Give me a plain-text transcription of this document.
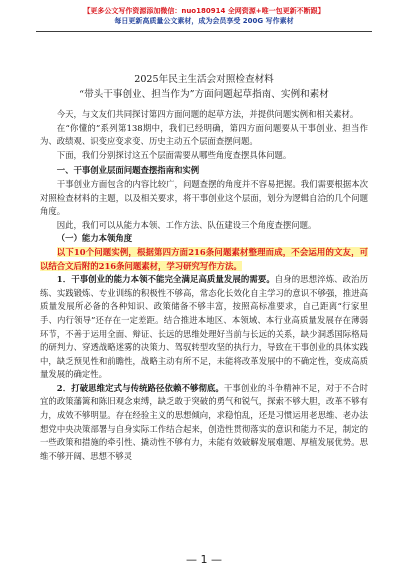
【更多公文写作资源添加微信：nuo180914 全网资源+唯一包更新不断跟】
每日更新高质量公文素材，成为会员享受 200G 写作素材
2025年民主生活会对照检查材料
“带头干事创业、担当作为”方面问题起草指南、实例和素材

今天，与文友们共同探讨第四方面问题的起草方法，并提供问题实例和相关素材。

在“你懂的”系列第138期中，我们已经明确，第四方面问题要从干事创业、担当作为、政绩观、识变应变求变、历史主动五个层面查摆问题。

下面，我们分别探讨这五个层面需要从哪些角度查摆具体问题。

一、干事创业层面问题查摆指南和实例

干事创业方面包含的内容比较广，问题查摆的角度并不容易把握。我们需要根据本次对照检查材料的主题，以及相关要求，将干事创业这个层面，划分为逻辑自洽的几个问题角度。

因此，我们可以从能力本领、工作方法、队伍建设三个角度查摆问题。

（一）能力本领角度

以下10个问题实例，根据第四方面216条问题素材整理而成，不会运用的文友，可以结合文后附的216条问题素材，学习研究写作方法。

1．干事创业的能力本领不能完全满足高质量发展的需要。自身的思想淬炼、政治历练、实践锻炼、专业训练的积极性不够高，常态化长效化自主学习的意识不够强，推进高质量发展所必备的各种知识、政策储备不够丰富，按照高标准要求，自己距离“行家里手、内行领导”还存在一定差距。结合推进本地区、本领域、本行业高质量发展存在薄弱环节，不善于运用全面、辩证、长远的思维处理好当前与长远的关系，缺少洞悉国际格局的研判力、穿透战略迷雾的决策力、驾驭转型攻坚的执行力，导致在干事创业的具体实践中，缺乏预见性和前瞻性，战略主动有所不足，未能将改革发展中的不确定性，变成高质量发展的确定性。

2．打破思维定式与传统路径依赖不够彻底。干事创业的斗争精神不足，对于不合时宜的政策藩篱和陈旧观念束缚，缺乏敢于突破的勇气和锐气，探索不够大胆，改革不够有力，成效不够明显。存在经验主义的思想倾向，求稳怕乱，还是习惯运用老思维、老办法想党中央决策部署与自身实际工作结合起来，创造性贯彻落实的意识和能力不足，制定的一些政策和措施的牵引性、撬动性不够有力，未能有效破解发展难题、厚植发展优势。思维不够开阔、思想不够灵

— 1 —
